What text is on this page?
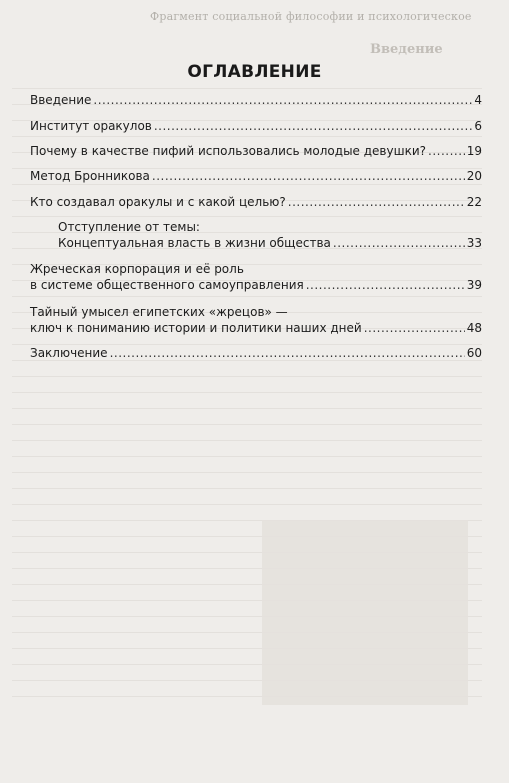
Фрагмент социальной философии и психологическое
Введение
ОГЛАВЛЕНИЕ
Введение .....	4
Институт оракулов .....	6
Почему в качестве пифий использовались молодые девушки? .....	19
Метод Бронникова .....	20
Кто создавал оракулы и с какой целью? .....	22
Отступление от темы:
Концептуальная власть в жизни общества .....	33
Жреческая корпорация и её роль
в системе общественного самоуправления .....	39
Тайный умысел египетских «жрецов» —
ключ к пониманию истории и политики наших дней .....	48
Заключение .....	60
